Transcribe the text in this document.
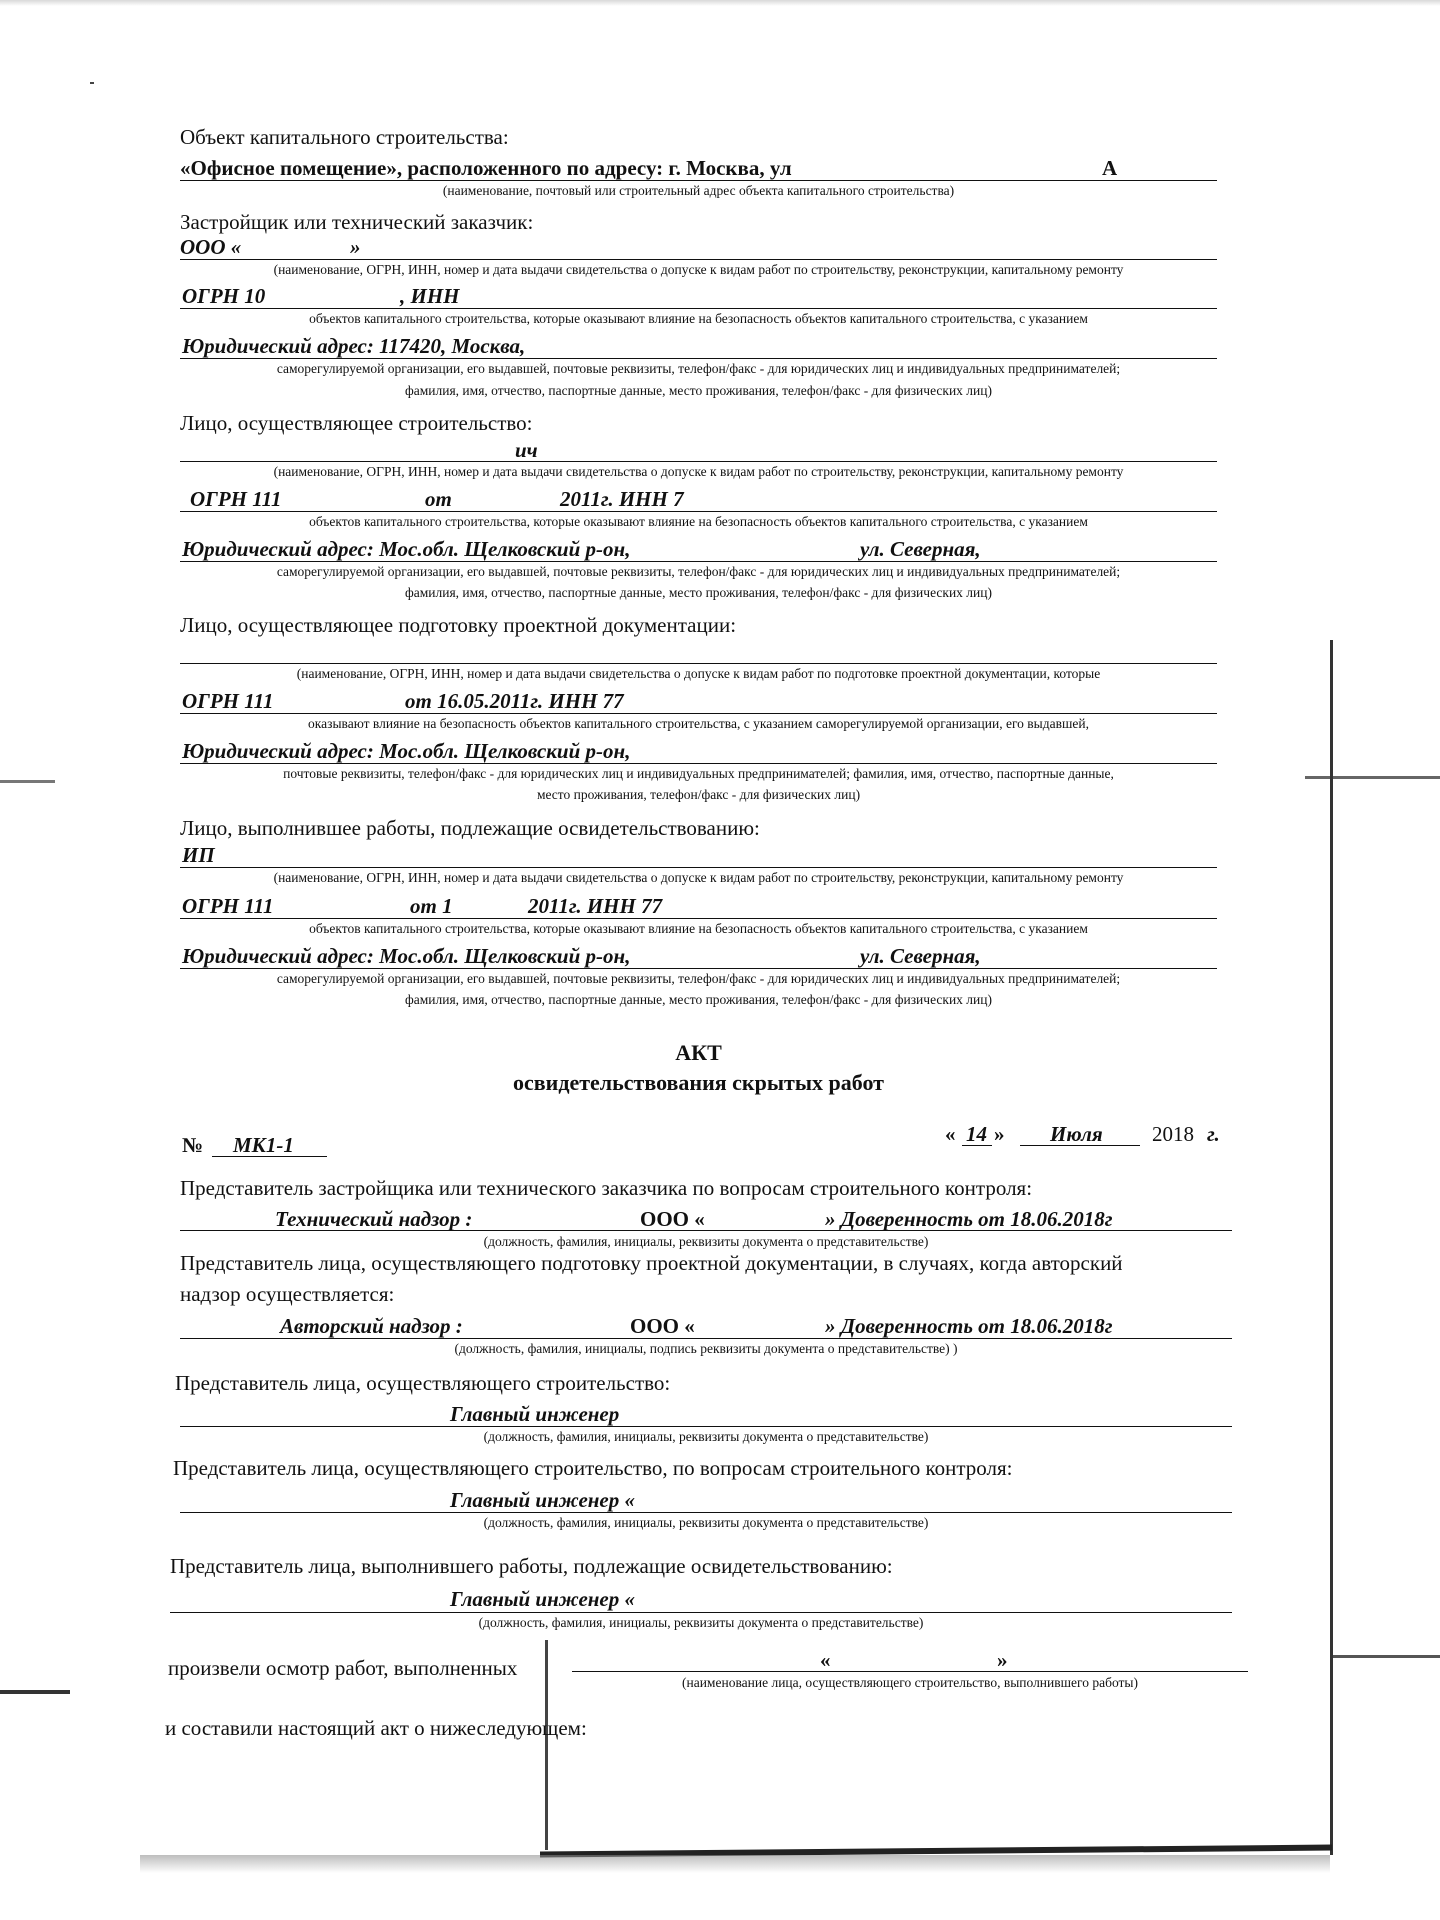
Объект капитального строительства:
«Офисное помещение», расположенного по адресу: г. Москва, ул	А
(наименование, почтовый или строительный адрес объекта капитального строительства)
Застройщик или технический заказчик:
ООО «	»
(наименование, ОГРН, ИНН, номер и дата выдачи свидетельства о допуске к видам работ по строительству, реконструкции, капитальному ремонту
ОГРН 10	, ИНН
объектов капитального строительства, которые оказывают влияние на безопасность объектов капитального строительства, с указанием
Юридический адрес: 117420, Москва,
саморегулируемой организации, его выдавшей, почтовые реквизиты, телефон/факс - для юридических лиц и индивидуальных предпринимателей;
фамилия, имя, отчество, паспортные данные, место проживания, телефон/факс - для физических лиц)
Лицо, осуществляющее строительство:
ич
(наименование, ОГРН, ИНН, номер и дата выдачи свидетельства о допуске к видам работ по строительству, реконструкции, капитальному ремонту
ОГРН 111	от	2011г. ИНН 7
объектов капитального строительства, которые оказывают влияние на безопасность объектов капитального строительства, с указанием
Юридический адрес: Мос.обл. Щелковский р-он,	ул. Северная,
саморегулируемой организации, его выдавшей, почтовые реквизиты, телефон/факс - для юридических лиц и индивидуальных предпринимателей;
фамилия, имя, отчество, паспортные данные, место проживания, телефон/факс - для физических лиц)
Лицо, осуществляющее подготовку проектной документации:
(наименование, ОГРН, ИНН, номер и дата выдачи свидетельства о допуске к видам работ по подготовке проектной документации, которые
ОГРН 111	от 16.05.2011г. ИНН 77
оказывают влияние на безопасность объектов капитального строительства, с указанием саморегулируемой организации, его выдавшей,
Юридический адрес: Мос.обл. Щелковский р-он,
почтовые реквизиты, телефон/факс - для юридических лиц и индивидуальных предпринимателей; фамилия, имя, отчество, паспортные данные,
место проживания, телефон/факс - для физических лиц)
Лицо, выполнившее работы, подлежащие освидетельствованию:
ИП
(наименование, ОГРН, ИНН, номер и дата выдачи свидетельства о допуске к видам работ по строительству, реконструкции, капитальному ремонту
ОГРН 111	от 1	2011г. ИНН 77
объектов капитального строительства, которые оказывают влияние на безопасность объектов капитального строительства, с указанием
Юридический адрес: Мос.обл. Щелковский р-он,	ул. Северная,
саморегулируемой организации, его выдавшей, почтовые реквизиты, телефон/факс - для юридических лиц и индивидуальных предпринимателей;
фамилия, имя, отчество, паспортные данные, место проживания, телефон/факс - для физических лиц)
АКТ
освидетельствования скрытых работ
№ МК1-1	« 14 » Июля 2018 г.
Представитель застройщика или технического заказчика по вопросам строительного контроля:
Технический надзор :	ООО «	» Доверенность от 18.06.2018г
(должность, фамилия, инициалы, реквизиты документа о представительстве)
Представитель лица, осуществляющего подготовку проектной документации, в случаях, когда авторский
надзор осуществляется:
Авторский надзор :	ООО «	» Доверенность от 18.06.2018г
(должность, фамилия, инициалы, подпись реквизиты документа о представительстве) )
Представитель лица, осуществляющего строительство:
Главный инженер
(должность, фамилия, инициалы, реквизиты документа о представительстве)
Представитель лица, осуществляющего строительство, по вопросам строительного контроля:
Главный инженер «
(должность, фамилия, инициалы, реквизиты документа о представительстве)
Представитель лица, выполнившего работы, подлежащие освидетельствованию:
Главный инженер «
(должность, фамилия, инициалы, реквизиты документа о представительстве)
произвели осмотр работ, выполненных	«	»
(наименование лица, осуществляющего строительство, выполнившего работы)
и составили настоящий акт о нижеследующем:
